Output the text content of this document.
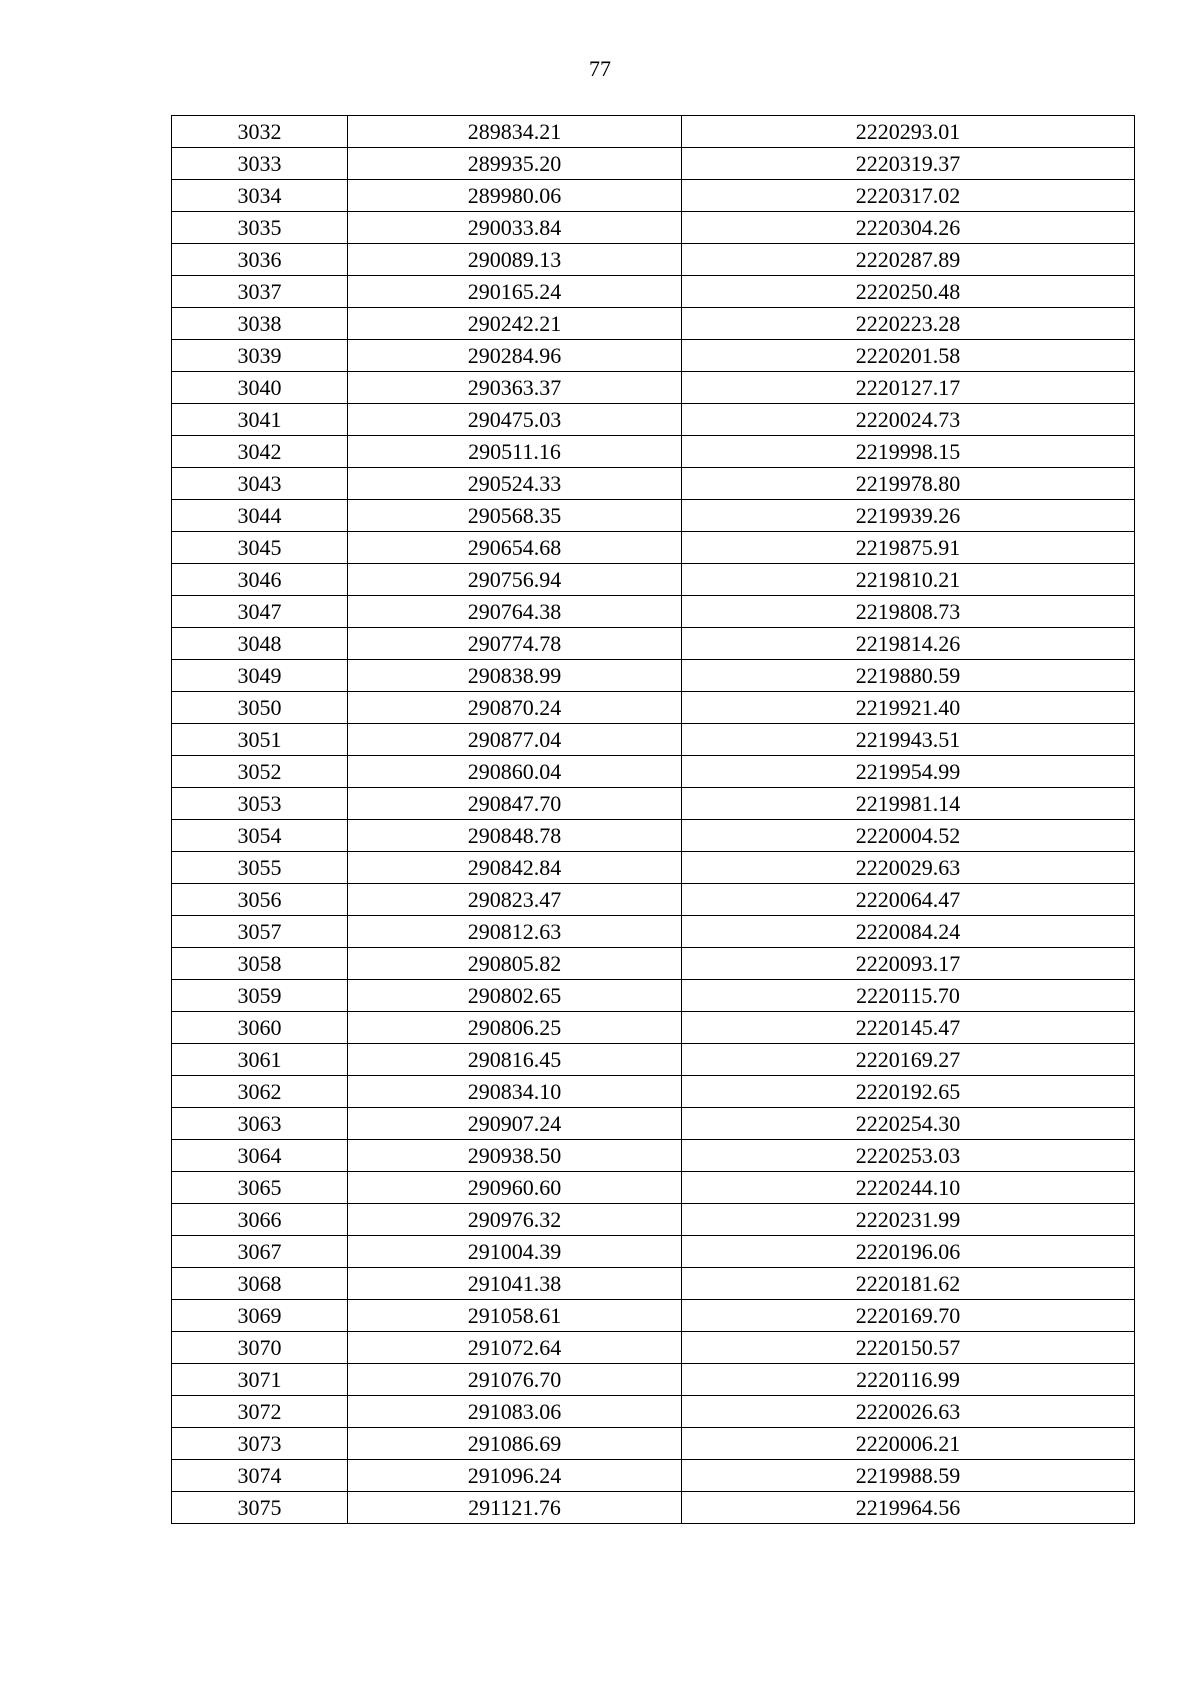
77
3032	289834.21	2220293.01
3033	289935.20	2220319.37
3034	289980.06	2220317.02
3035	290033.84	2220304.26
3036	290089.13	2220287.89
3037	290165.24	2220250.48
3038	290242.21	2220223.28
3039	290284.96	2220201.58
3040	290363.37	2220127.17
3041	290475.03	2220024.73
3042	290511.16	2219998.15
3043	290524.33	2219978.80
3044	290568.35	2219939.26
3045	290654.68	2219875.91
3046	290756.94	2219810.21
3047	290764.38	2219808.73
3048	290774.78	2219814.26
3049	290838.99	2219880.59
3050	290870.24	2219921.40
3051	290877.04	2219943.51
3052	290860.04	2219954.99
3053	290847.70	2219981.14
3054	290848.78	2220004.52
3055	290842.84	2220029.63
3056	290823.47	2220064.47
3057	290812.63	2220084.24
3058	290805.82	2220093.17
3059	290802.65	2220115.70
3060	290806.25	2220145.47
3061	290816.45	2220169.27
3062	290834.10	2220192.65
3063	290907.24	2220254.30
3064	290938.50	2220253.03
3065	290960.60	2220244.10
3066	290976.32	2220231.99
3067	291004.39	2220196.06
3068	291041.38	2220181.62
3069	291058.61	2220169.70
3070	291072.64	2220150.57
3071	291076.70	2220116.99
3072	291083.06	2220026.63
3073	291086.69	2220006.21
3074	291096.24	2219988.59
3075	291121.76	2219964.56
